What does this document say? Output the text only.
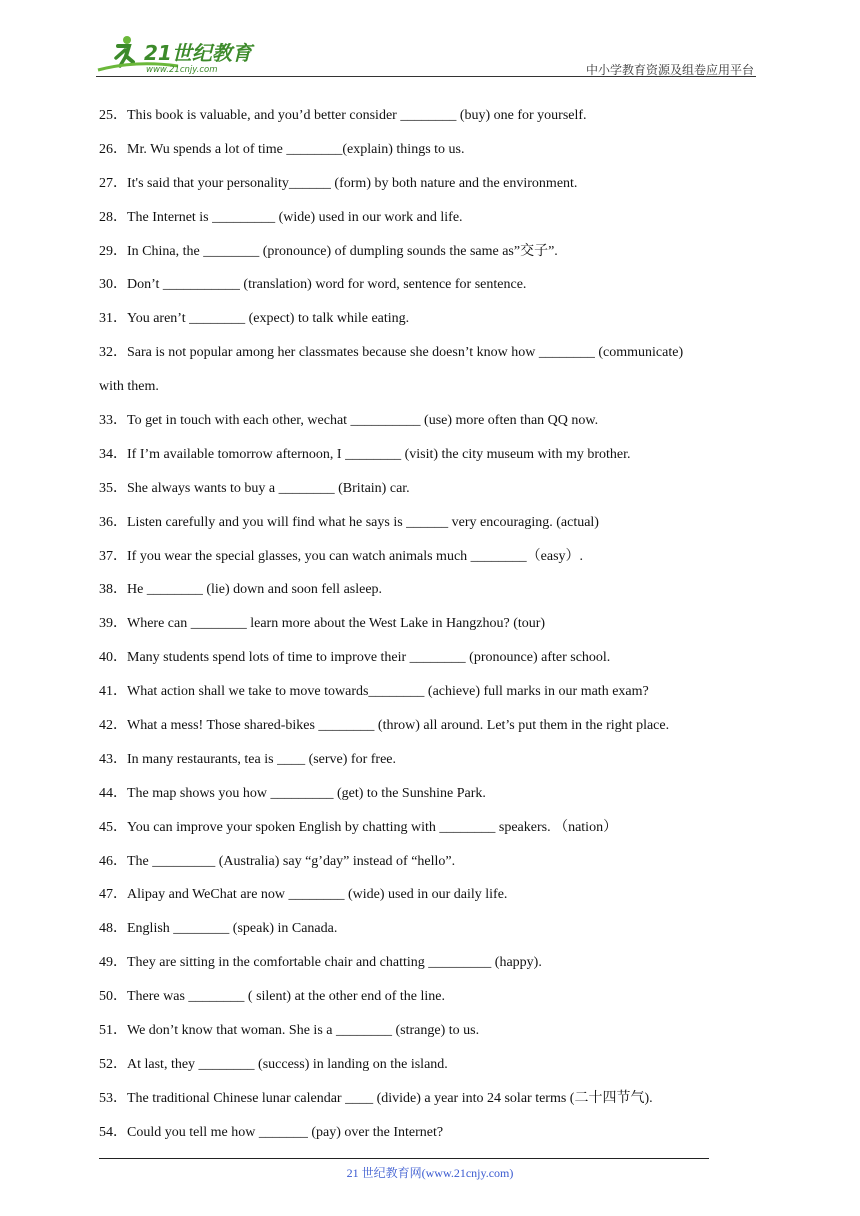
21世纪教育
www.21cnjy.com	中小学教育资源及组卷应用平台
25．This book is valuable, and you’d better consider ________ (buy) one for yourself.
26．Mr. Wu spends a lot of time ________(explain) things to us.
27．It's said that your personality______ (form) by both nature and the environment.
28．The Internet is _________ (wide) used in our work and life.
29．In China, the ________ (pronounce) of dumpling sounds the same as”交子”.
30．Don’t ___________ (translation) word for word, sentence for sentence.
31．You aren’t ________ (expect) to talk while eating.
32．Sara is not popular among her classmates because she doesn’t know how ________ (communicate)
with them.
33．To get in touch with each other, wechat __________ (use) more often than QQ now.
34．If I’m available tomorrow afternoon, I ________ (visit) the city museum with my brother.
35．She always wants to buy a ________ (Britain) car.
36．Listen carefully and you will find what he says is ______ very encouraging. (actual)
37．If you wear the special glasses, you can watch animals much ________（easy）.
38．He ________ (lie) down and soon fell asleep.
39．Where can ________ learn more about the West Lake in Hangzhou? (tour)
40．Many students spend lots of time to improve their ________ (pronounce) after school.
41．What action shall we take to move towards________ (achieve) full marks in our math exam?
42．What a mess! Those shared-bikes ________ (throw) all around. Let’s put them in the right place.
43．In many restaurants, tea is ____ (serve) for free.
44．The map shows you how _________ (get) to the Sunshine Park.
45．You can improve your spoken English by chatting with ________ speakers. （nation）
46．The _________ (Australia) say “g’day” instead of “hello”.
47．Alipay and WeChat are now ________ (wide) used in our daily life.
48．English ________ (speak) in Canada.
49．They are sitting in the comfortable chair and chatting _________ (happy).
50．There was ________ ( silent) at the other end of the line.
51．We don’t know that woman. She is a ________ (strange) to us.
52．At last, they ________ (success) in landing on the island.
53．The traditional Chinese lunar calendar ____ (divide) a year into 24 solar terms (二十四节气).
54．Could you tell me how _______ (pay) over the Internet?
21 世纪教育网(www.21cnjy.com)
